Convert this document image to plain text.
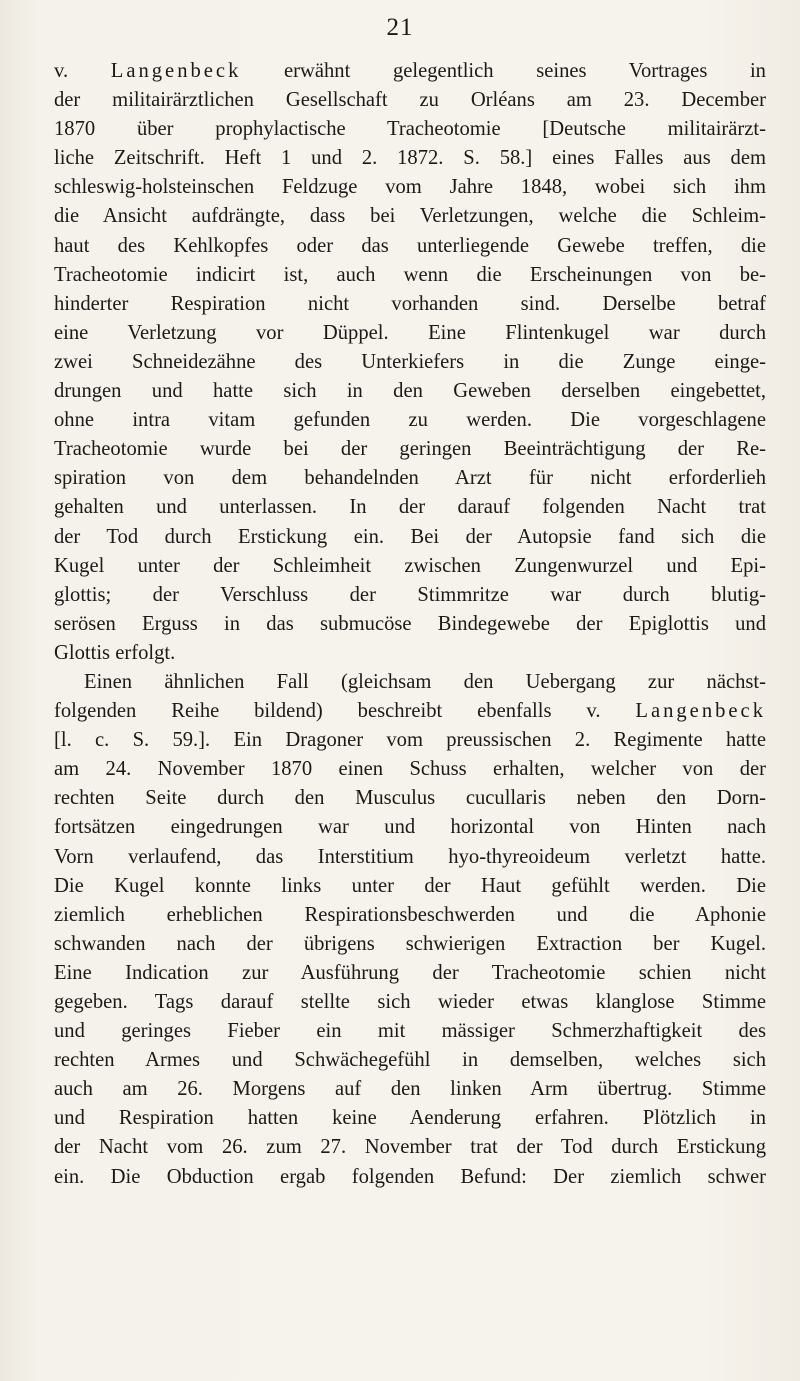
21
v. Langenbeck erwähnt gelegentlich seines Vortrages in
der militairärztlichen Gesellschaft zu Orléans am 23. December
1870 über prophylactische Tracheotomie [Deutsche militairärzt-
liche Zeitschrift. Heft 1 und 2. 1872. S. 58.] eines Falles aus dem
schleswig-holsteinschen Feldzuge vom Jahre 1848, wobei sich ihm
die Ansicht aufdrängte, dass bei Verletzungen, welche die Schleim-
haut des Kehlkopfes oder das unterliegende Gewebe treffen, die
Tracheotomie indicirt ist, auch wenn die Erscheinungen von be-
hinderter Respiration nicht vorhanden sind. Derselbe betraf
eine Verletzung vor Düppel. Eine Flintenkugel war durch
zwei Schneidezähne des Unterkiefers in die Zunge einge-
drungen und hatte sich in den Geweben derselben eingebettet,
ohne intra vitam gefunden zu werden. Die vorgeschlagene
Tracheotomie wurde bei der geringen Beeinträchtigung der Re-
spiration von dem behandelnden Arzt für nicht erforderlieh
gehalten und unterlassen. In der darauf folgenden Nacht trat
der Tod durch Erstickung ein. Bei der Autopsie fand sich die
Kugel unter der Schleimheit zwischen Zungenwurzel und Epi-
glottis; der Verschluss der Stimmritze war durch blutig-
serösen Erguss in das submucöse Bindegewebe der Epiglottis und
Glottis erfolgt.
Einen ähnlichen Fall (gleichsam den Uebergang zur nächst-
folgenden Reihe bildend) beschreibt ebenfalls v. Langenbeck
[l. c. S. 59.]. Ein Dragoner vom preussischen 2. Regimente hatte
am 24. November 1870 einen Schuss erhalten, welcher von der
rechten Seite durch den Musculus cucullaris neben den Dorn-
fortsätzen eingedrungen war und horizontal von Hinten nach
Vorn verlaufend, das Interstitium hyo-thyreoideum verletzt hatte.
Die Kugel konnte links unter der Haut gefühlt werden. Die
ziemlich erheblichen Respirationsbeschwerden und die Aphonie
schwanden nach der übrigens schwierigen Extraction ber Kugel.
Eine Indication zur Ausführung der Tracheotomie schien nicht
gegeben. Tags darauf stellte sich wieder etwas klanglose Stimme
und geringes Fieber ein mit mässiger Schmerzhaftigkeit des
rechten Armes und Schwächegefühl in demselben, welches sich
auch am 26. Morgens auf den linken Arm übertrug. Stimme
und Respiration hatten keine Aenderung erfahren. Plötzlich in
der Nacht vom 26. zum 27. November trat der Tod durch Erstickung
ein. Die Obduction ergab folgenden Befund: Der ziemlich schwer
